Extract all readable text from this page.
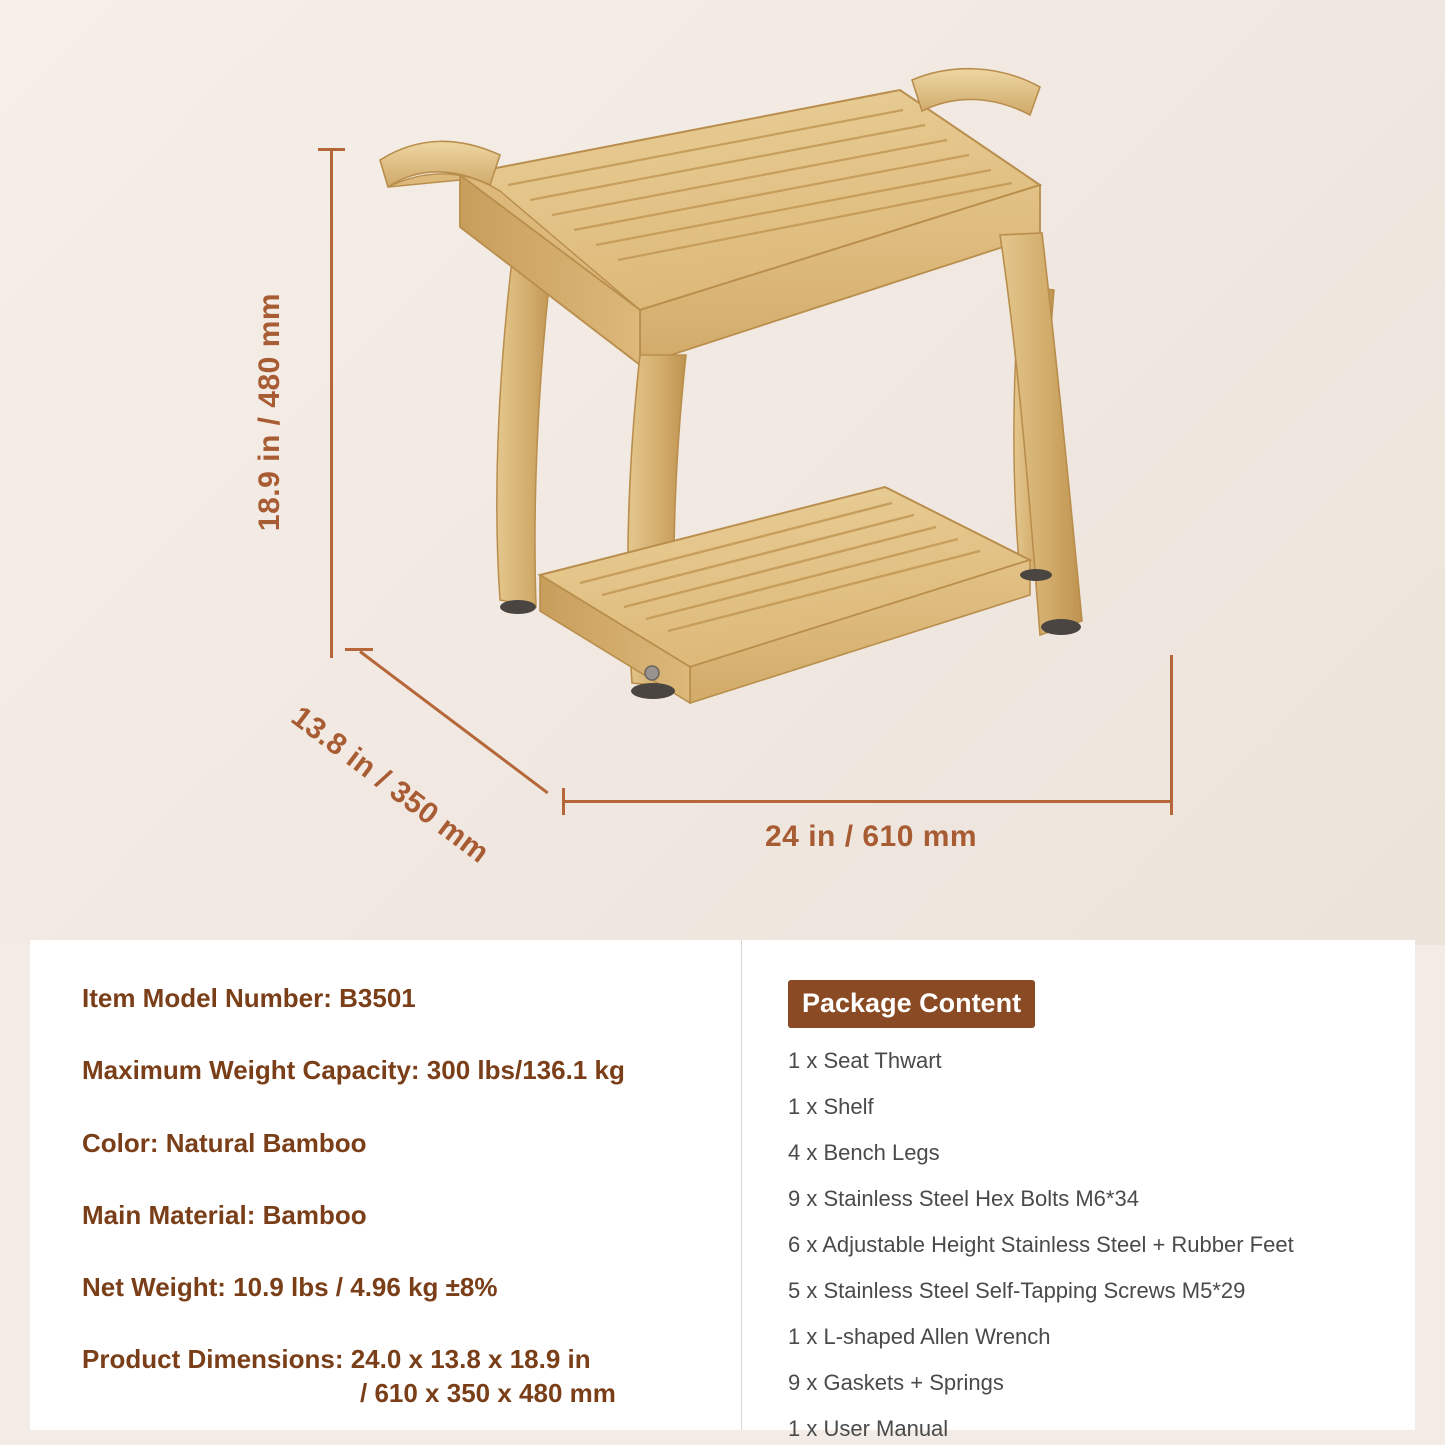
18.9 in / 480 mm
24 in / 610 mm
13.8 in / 350 mm
Item Model Number: B3501
Maximum Weight Capacity: 300 lbs/136.1 kg
Color: Natural Bamboo
Main Material: Bamboo
Net Weight: 10.9 lbs / 4.96 kg ±8%
Product Dimensions: 24.0 x 13.8 x 18.9 in
/ 610 x 350 x 480 mm
Package Content
1 x Seat Thwart
1 x Shelf
4 x Bench Legs
9 x Stainless Steel Hex Bolts M6*34
6 x Adjustable Height Stainless Steel + Rubber Feet
5 x Stainless Steel Self-Tapping Screws M5*29
1 x L-shaped Allen Wrench
9 x Gaskets + Springs
1 x User Manual
